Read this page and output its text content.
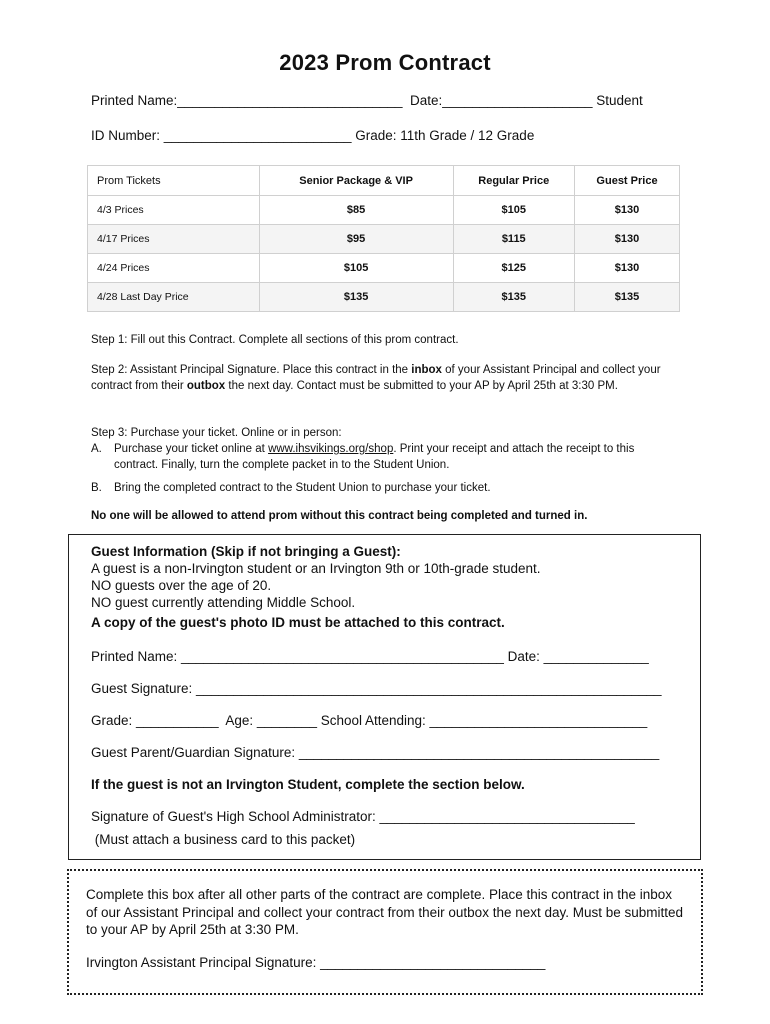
2023 Prom Contract
Printed Name:______________________________  Date:____________________ Student
ID Number: _________________________ Grade: 11th Grade / 12 Grade
Prom Tickets	Senior Package & VIP	Regular Price	Guest Price
4/3 Prices	$85	$105	$130
4/17 Prices	$95	$115	$130
4/24 Prices	$105	$125	$130
4/28 Last Day Price	$135	$135	$135
Step 1: Fill out this Contract. Complete all sections of this prom contract.
Step 2: Assistant Principal Signature. Place this contract in the inbox of your Assistant Principal and collect your contract from their outbox the next day. Contact must be submitted to your AP by April 25th at 3:30 PM.
Step 3: Purchase your ticket. Online or in person:
A. Purchase your ticket online at www.ihsvikings.org/shop. Print your receipt and attach the receipt to this contract. Finally, turn the complete packet in to the Student Union.
B. Bring the completed contract to the Student Union to purchase your ticket.
No one will be allowed to attend prom without this contract being completed and turned in.
Guest Information (Skip if not bringing a Guest):
A guest is a non-Irvington student or an Irvington 9th or 10th-grade student.
NO guests over the age of 20.
NO guest currently attending Middle School.
A copy of the guest's photo ID must be attached to this contract.
Printed Name: ___________________________________________ Date: ______________
Guest Signature: ______________________________________________________________
Grade: ___________  Age: ________ School Attending: _____________________________
Guest Parent/Guardian Signature: ________________________________________________
If the guest is not an Irvington Student, complete the section below.
Signature of Guest's High School Administrator: __________________________________
(Must attach a business card to this packet)
Complete this box after all other parts of the contract are complete. Place this contract in the inbox of our Assistant Principal and collect your contract from their outbox the next day. Must be submitted to your AP by April 25th at 3:30 PM.
Irvington Assistant Principal Signature: ______________________________
